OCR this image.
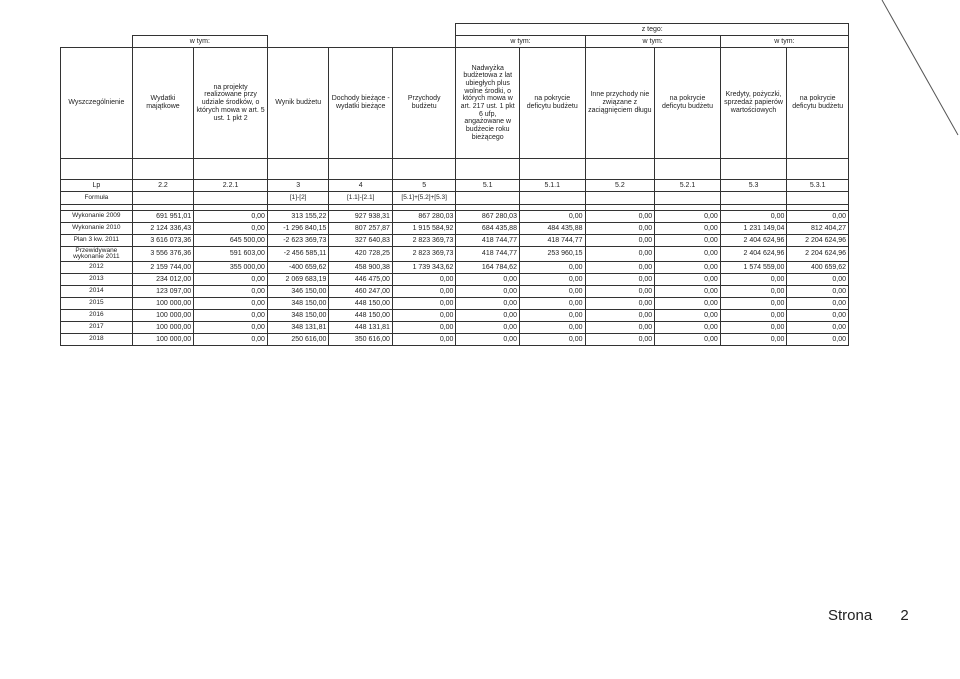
						z tego:					
	w tym:					w tym:		w tym:		w tym:	
Wyszczególnienie	Wydatki majątkowe	na projekty realizowane przy udziale środków, o których mowa w art. 5 ust. 1 pkt 2	Wynik budżetu	Dochody bieżące - wydatki bieżące	Przychody budżetu	Nadwyżka budżetowa z lat ubiegłych plus wolne środki, o których mowa w art. 217 ust. 1 pkt 6 ufp, angażowane w budżecie roku bieżącego	na pokrycie deficytu budżetu	Inne przychody nie związane z zaciągnięciem długu	na pokrycie deficytu budżetu	Kredyty, pożyczki, sprzedaż papierów wartościowych	na pokrycie deficytu budżetu

Lp	2.2	2.2.1	3	4	5	5.1	5.1.1	5.2	5.2.1	5.3	5.3.1
Formuła			[1]-[2]	[1.1]-[2.1]	[5.1]+[5.2]+[5.3]						

Wykonanie 2009	691 951,01	0,00	313 155,22	927 938,31	867 280,03	867 280,03	0,00	0,00	0,00	0,00	0,00
Wykonanie 2010	2 124 336,43	0,00	-1 296 840,15	807 257,87	1 915 584,92	684 435,88	484 435,88	0,00	0,00	1 231 149,04	812 404,27
Plan 3 kw. 2011	3 616 073,36	645 500,00	-2 623 369,73	327 640,83	2 823 369,73	418 744,77	418 744,77	0,00	0,00	2 404 624,96	2 204 624,96
Przewidywane wykonanie 2011	3 556 376,36	591 603,00	-2 456 585,11	420 728,25	2 823 369,73	418 744,77	253 960,15	0,00	0,00	2 404 624,96	2 204 624,96
2012	2 159 744,00	355 000,00	-400 659,62	458 900,38	1 739 343,62	164 784,62	0,00	0,00	0,00	1 574 559,00	400 659,62
2013	234 012,00	0,00	2 069 683,19	446 475,00	0,00	0,00	0,00	0,00	0,00	0,00	0,00
2014	123 097,00	0,00	346 150,00	460 247,00	0,00	0,00	0,00	0,00	0,00	0,00	0,00
2015	100 000,00	0,00	348 150,00	448 150,00	0,00	0,00	0,00	0,00	0,00	0,00	0,00
2016	100 000,00	0,00	348 150,00	448 150,00	0,00	0,00	0,00	0,00	0,00	0,00	0,00
2017	100 000,00	0,00	348 131,81	448 131,81	0,00	0,00	0,00	0,00	0,00	0,00	0,00
2018	100 000,00	0,00	250 616,00	350 616,00	0,00	0,00	0,00	0,00	0,00	0,00	0,00
Strona 2
